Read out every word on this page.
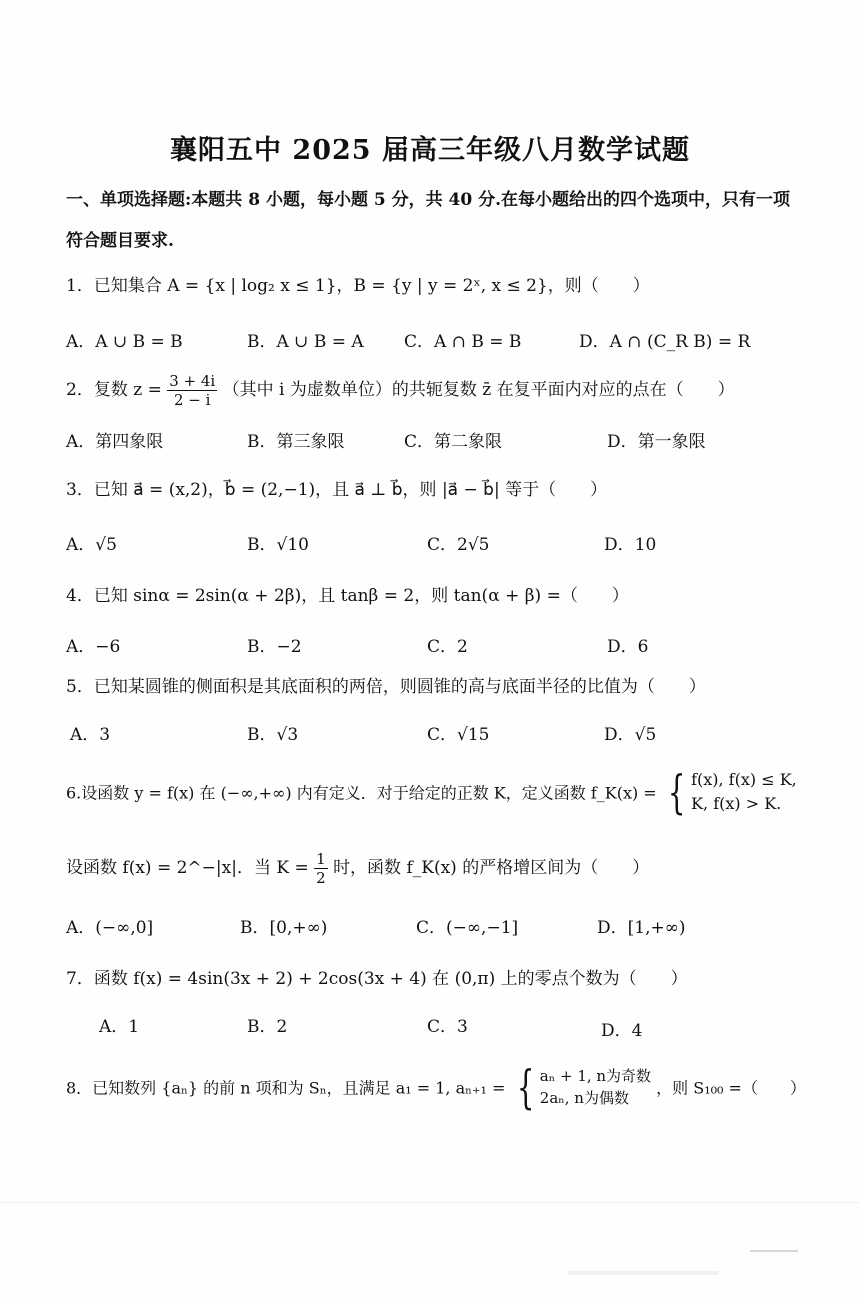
襄阳五中 2025 届高三年级八月数学试题
一、单项选择题:本题共 8 小题，每小题 5 分，共 40 分.在每小题给出的四个选项中，只有一项
符合题目要求.
1．已知集合 A = {x | log₂ x ≤ 1}，B = {y | y = 2ˣ, x ≤ 2}，则（　　）
A．A ∪ B = B	B．A ∪ B = A C．A ∩ B = B	D．A ∩ (C_R B) = R
2．复数 $z = \frac{3 + 4i}{2 - i}$ （其中 i 为虚数单位）的共轭复数 z̄ 在复平面内对应的点在（　　）
A．第四象限	B．第三象限	C．第二象限	D．第一象限
3．已知 a⃗ = (x,2)，b⃗ = (2,−1)，且 a⃗ ⊥ b⃗，则 |a⃗ − b⃗| 等于（　　）
A．√5	B．√10	C．2√5	D．10
4．已知 sinα = 2sin(α + 2β)，且 tanβ = 2，则 tan(α + β) =（　　）
A．−6	B．−2	C．2	D．6
5．已知某圆锥的侧面积是其底面积的两倍，则圆锥的高与底面半径的比值为（　　）
A．3	B．√3	C．√15	D．√5
6.设函数 y = f(x) 在 (−∞,+∞) 内有定义．对于给定的正数 K，定义函数 f_K(x) = { f(x), f(x) ≤ K,
K, f(x) > K.
设函数 f(x) = 2^−|x|．当 $K = \frac{1}{2}$ 时，函数 f_K(x) 的严格增区间为（　　）
A．(−∞,0]	B．[0,+∞)	C．(−∞,−1]	D．[1,+∞)
7．函数 f(x) = 4sin(3x + 2) + 2cos(3x + 4) 在 (0,π) 上的零点个数为（　　）
A．1	B．2	C．3	D．4
8．已知数列 {aₙ} 的前 n 项和为 Sₙ，且满足 a₁ = 1, aₙ₊₁ = { aₙ + 1, n为奇数
2aₙ, n为偶数
，则 S₁₀₀ =（　　）
